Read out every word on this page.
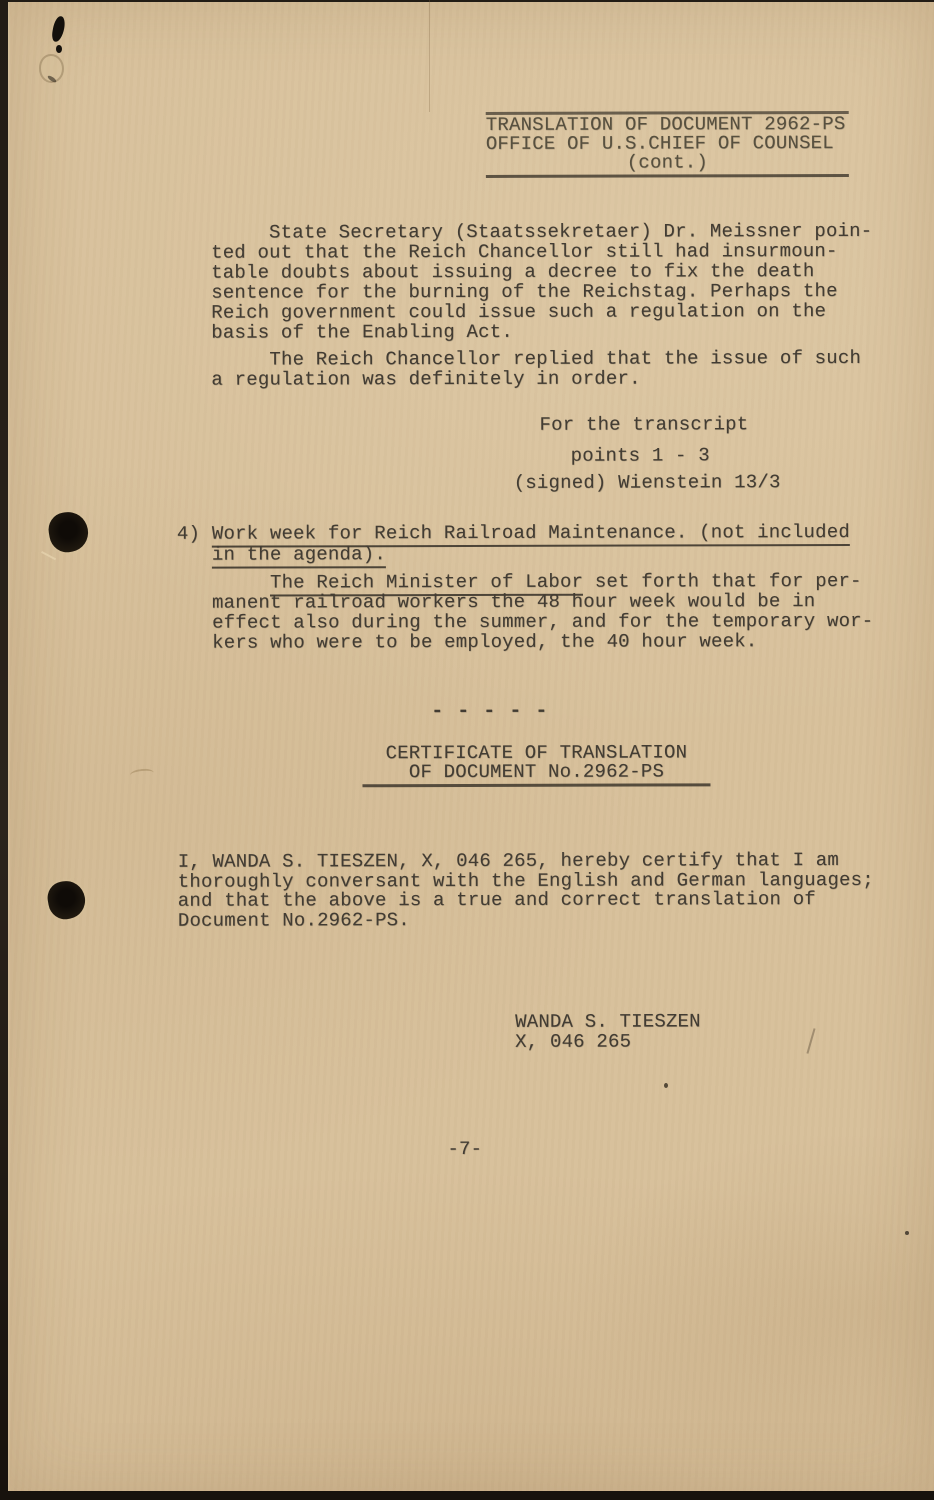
TRANSLATION OF DOCUMENT 2962-PS
OFFICE OF U.S.CHIEF OF COUNSEL
(cont.)
State Secretary (Staatssekretaer) Dr. Meissner poin-
ted out that the Reich Chancellor still had insurmoun-
table doubts about issuing a decree to fix the death
sentence for the burning of the Reichstag. Perhaps the
Reich government could issue such a regulation on the
basis of the Enabling Act.
The Reich Chancellor replied that the issue of such
a regulation was definitely in order.
For the transcript
points 1 - 3
(signed) Wienstein 13/3
4) Work week for Reich Railroad Maintenance. (not included
in the agenda).
The Reich Minister of Labor set forth that for per-
manent railroad workers the 48 hour week would be in
effect also during the summer, and for the temporary wor-
kers who were to be employed, the 40 hour week.
- - - - -
CERTIFICATE OF TRANSLATION
OF DOCUMENT No.2962-PS
I, WANDA S. TIESZEN, X, 046 265, hereby certify that I am
thoroughly conversant with the English and German languages;
and that the above is a true and correct translation of
Document No.2962-PS.
WANDA S. TIESZEN
X, 046 265
-7-
